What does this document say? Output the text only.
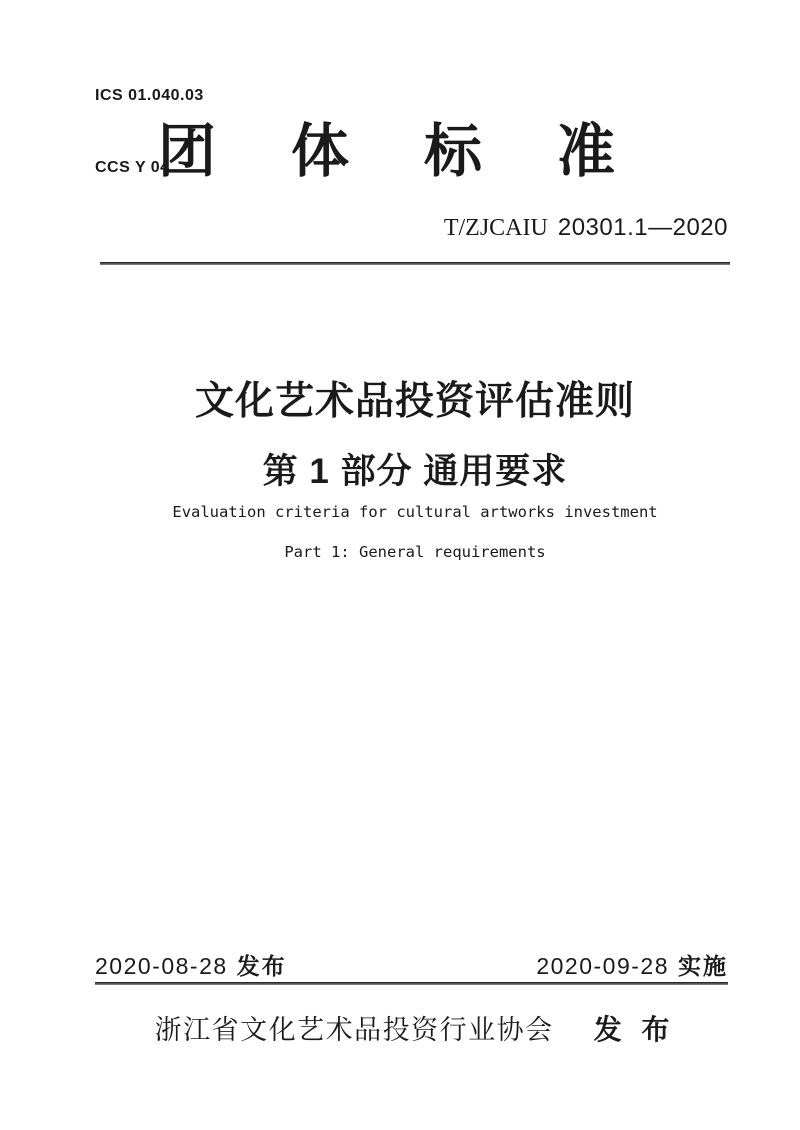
ICS 01.040.03

CCS Y 04

团体标准
T/ZJCAIU 20301.1—2020
文化艺术品投资评估准则
第 1 部分 通用要求
Evaluation criteria for cultural artworks investment
Part 1: General requirements
2020-08-28 发布	2020-09-28 实施
浙江省文化艺术品投资行业协会 发 布
